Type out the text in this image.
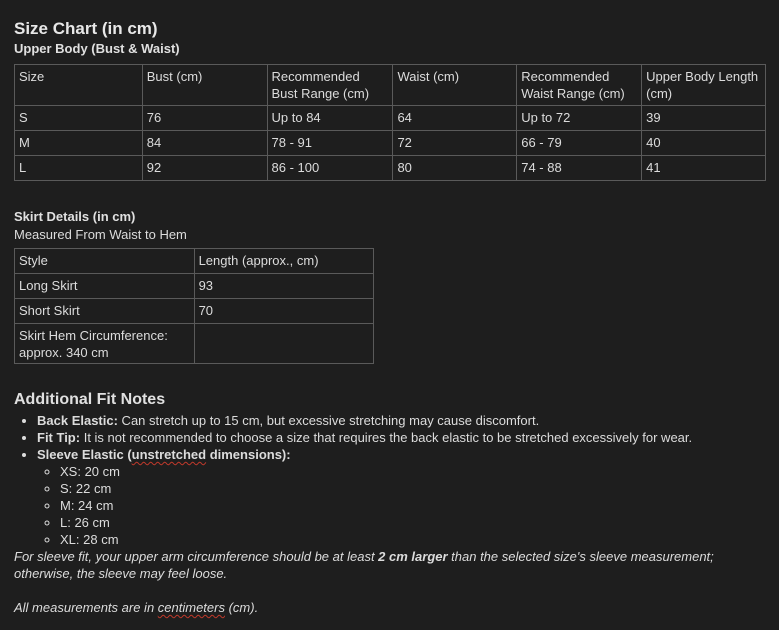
Size Chart (in cm)
Upper Body (Bust & Waist)
Size	Bust (cm)	Recommended Bust Range (cm)	Waist (cm)	Recommended Waist Range (cm)	Upper Body Length (cm)
S	76	Up to 84	64	Up to 72	39
M	84	78 - 91	72	66 - 79	40
L	92	86 - 100	80	74 - 88	41
Skirt Details (in cm)
Measured From Waist to Hem
Style	Length (approx., cm)
Long Skirt	93
Short Skirt	70
Skirt Hem Circumference: approx. 340 cm	
Additional Fit Notes
• Back Elastic: Can stretch up to 15 cm, but excessive stretching may cause discomfort.
• Fit Tip: It is not recommended to choose a size that requires the back elastic to be stretched excessively for wear.
• Sleeve Elastic (unstretched dimensions):
◦ XS: 20 cm
◦ S: 22 cm
◦ M: 24 cm
◦ L: 26 cm
◦ XL: 28 cm

For sleeve fit, your upper arm circumference should be at least 2 cm larger than the selected size's sleeve measurement; otherwise, the sleeve may feel loose.

All measurements are in centimeters (cm).
